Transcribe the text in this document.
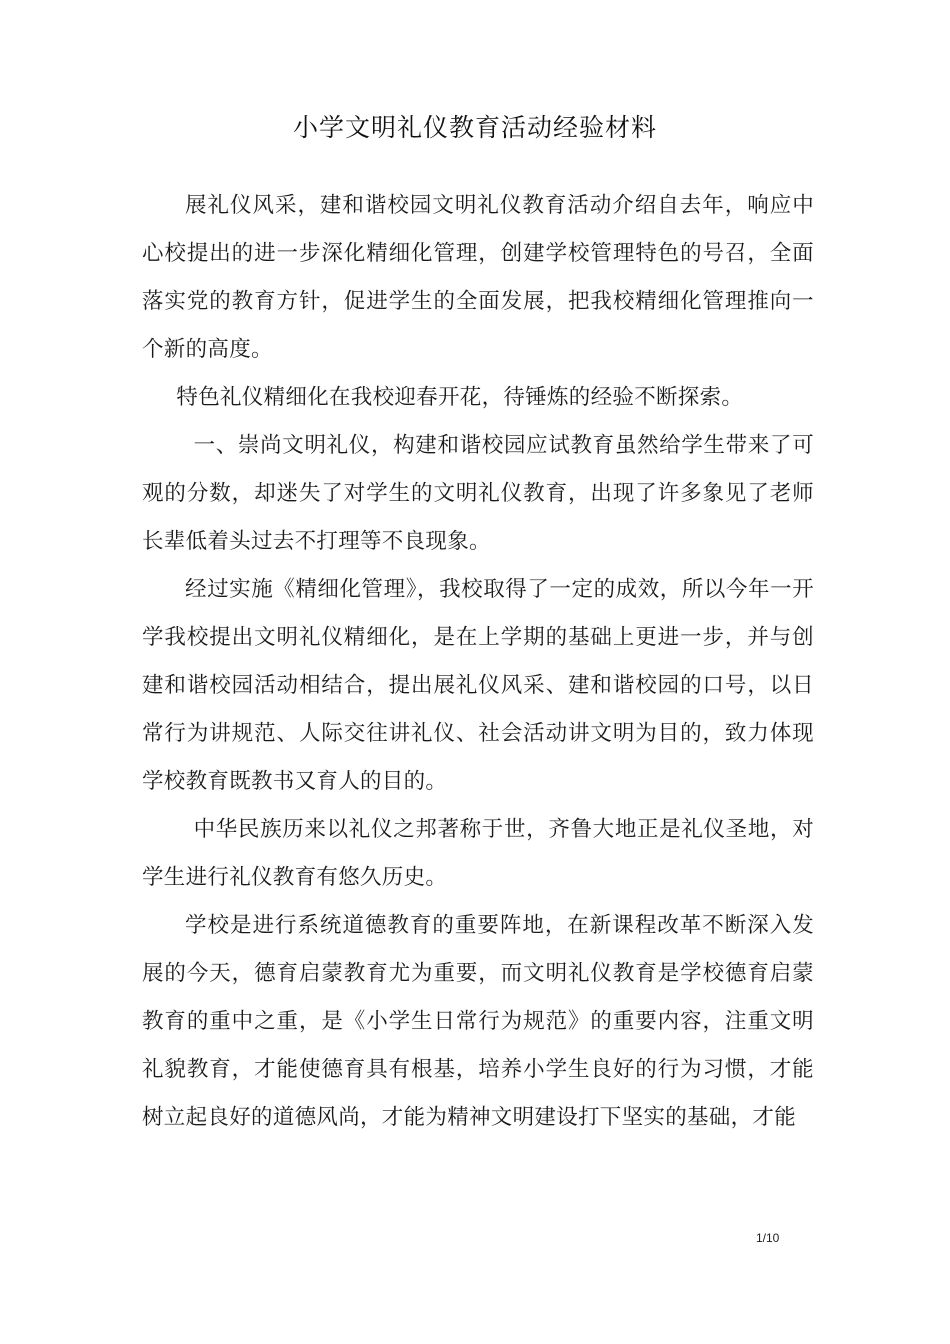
小学文明礼仪教育活动经验材料

展礼仪风采，建和谐校园文明礼仪教育活动介绍自去年，响应中心校提出的进一步深化精细化管理，创建学校管理特色的号召，全面落实党的教育方针，促进学生的全面发展，把我校精细化管理推向一个新的高度。

特色礼仪精细化在我校迎春开花，待锤炼的经验不断探索。

一、崇尚文明礼仪，构建和谐校园应试教育虽然给学生带来了可观的分数，却迷失了对学生的文明礼仪教育，出现了许多象见了老师长辈低着头过去不打理等不良现象。

经过实施《精细化管理》，我校取得了一定的成效，所以今年一开学我校提出文明礼仪精细化，是在上学期的基础上更进一步，并与创建和谐校园活动相结合，提出展礼仪风采、建和谐校园的口号，以日常行为讲规范、人际交往讲礼仪、社会活动讲文明为目的，致力体现学校教育既教书又育人的目的。

中华民族历来以礼仪之邦著称于世，齐鲁大地正是礼仪圣地，对学生进行礼仪教育有悠久历史。

学校是进行系统道德教育的重要阵地，在新课程改革不断深入发展的今天，德育启蒙教育尤为重要，而文明礼仪教育是学校德育启蒙教育的重中之重，是《小学生日常行为规范》的重要内容，注重文明礼貌教育，才能使德育具有根基，培养小学生良好的行为习惯，才能树立起良好的道德风尚，才能为精神文明建设打下坚实的基础，才能

1/10
